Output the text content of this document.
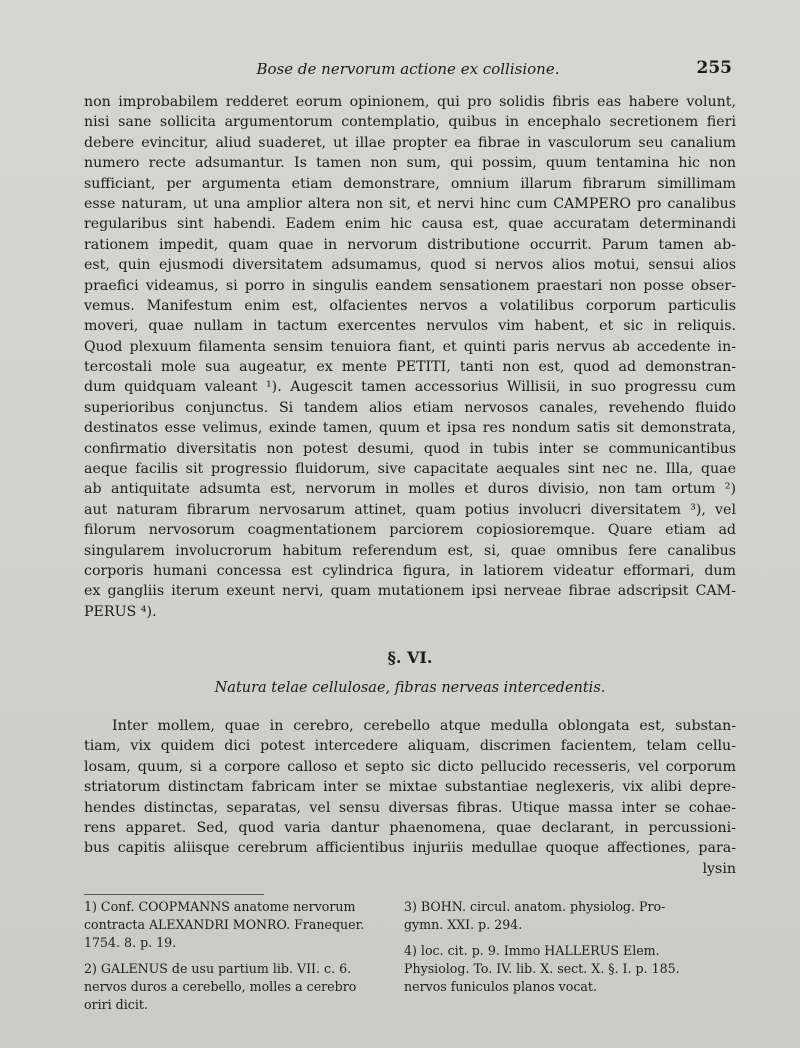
Bose de nervorum actione ex collisione.	255
non improbabilem redderet eorum opinionem, qui pro solidis fibris eas habere volunt,
nisi sane sollicita argumentorum contemplatio, quibus in encephalo secretionem fieri
debere evincitur, aliud suaderet, ut illae propter ea fibrae in vasculorum seu canalium
numero recte adsumantur. Is tamen non sum, qui possim, quum tentamina hic non
sufficiant, per argumenta etiam demonstrare, omnium illarum fibrarum simillimam
esse naturam, ut una amplior altera non sit, et nervi hinc cum CAMPERO pro canalibus
regularibus sint habendi. Eadem enim hic causa est, quae accuratam determinandi
rationem impedit, quam quae in nervorum distributione occurrit. Parum tamen ab-
est, quin ejusmodi diversitatem adsumamus, quod si nervos alios motui, sensui alios
praefici videamus, si porro in singulis eandem sensationem praestari non posse obser-
vemus. Manifestum enim est, olfacientes nervos a volatilibus corporum particulis
moveri, quae nullam in tactum exercentes nervulos vim habent, et sic in reliquis.
Quod plexuum filamenta sensim tenuiora fiant, et quinti paris nervus ab accedente in-
tercostali mole sua augeatur, ex mente PETITI, tanti non est, quod ad demonstran-
dum quidquam valeant ¹). Augescit tamen accessorius Willisii, in suo progressu cum
superioribus conjunctus. Si tandem alios etiam nervosos canales, revehendo fluido
destinatos esse velimus, exinde tamen, quum et ipsa res nondum satis sit demonstrata,
confirmatio diversitatis non potest desumi, quod in tubis inter se communicantibus
aeque facilis sit progressio fluidorum, sive capacitate aequales sint nec ne. Illa, quae
ab antiquitate adsumta est, nervorum in molles et duros divisio, non tam ortum ²)
aut naturam fibrarum nervosarum attinet, quam potius involucri diversitatem ³), vel
filorum nervosorum coagmentationem parciorem copiosioremque. Quare etiam ad
singularem involucrorum habitum referendum est, si, quae omnibus fere canalibus
corporis humani concessa est cylindrica figura, in latiorem videatur efformari, dum
ex gangliis iterum exeunt nervi, quam mutationem ipsi nerveae fibrae adscripsit CAM-
PERUS ⁴).
§. VI.
Natura telae cellulosae, fibras nerveas intercedentis.
Inter mollem, quae in cerebro, cerebello atque medulla oblongata est, substan-
tiam, vix quidem dici potest intercedere aliquam, discrimen facientem, telam cellu-
losam, quum, si a corpore calloso et septo sic dicto pellucido recesseris, vel corporum
striatorum distinctam fabricam inter se mixtae substantiae neglexeris, vix alibi depre-
hendes distinctas, separatas, vel sensu diversas fibras. Utique massa inter se cohae-
rens apparet. Sed, quod varia dantur phaenomena, quae declarant, in percussioni-
bus capitis aliisque cerebrum afficientibus injuriis medullae quoque affectiones, para-
lysin
1) Conf. COOPMANNS anatome nervorum
contracta ALEXANDRI MONRO. Franequer.
1754. 8. p. 19.
2) GALENUS de usu partium lib. VII. c. 6.
nervos duros a cerebello, molles a cerebro
oriri dicit.
3) BOHN. circul. anatom. physiolog. Pro-
gymn. XXI. p. 294.
4) loc. cit. p. 9. Immo HALLERUS Elem.
Physiolog. To. IV. lib. X. sect. X. §. I. p. 185.
nervos funiculos planos vocat.
